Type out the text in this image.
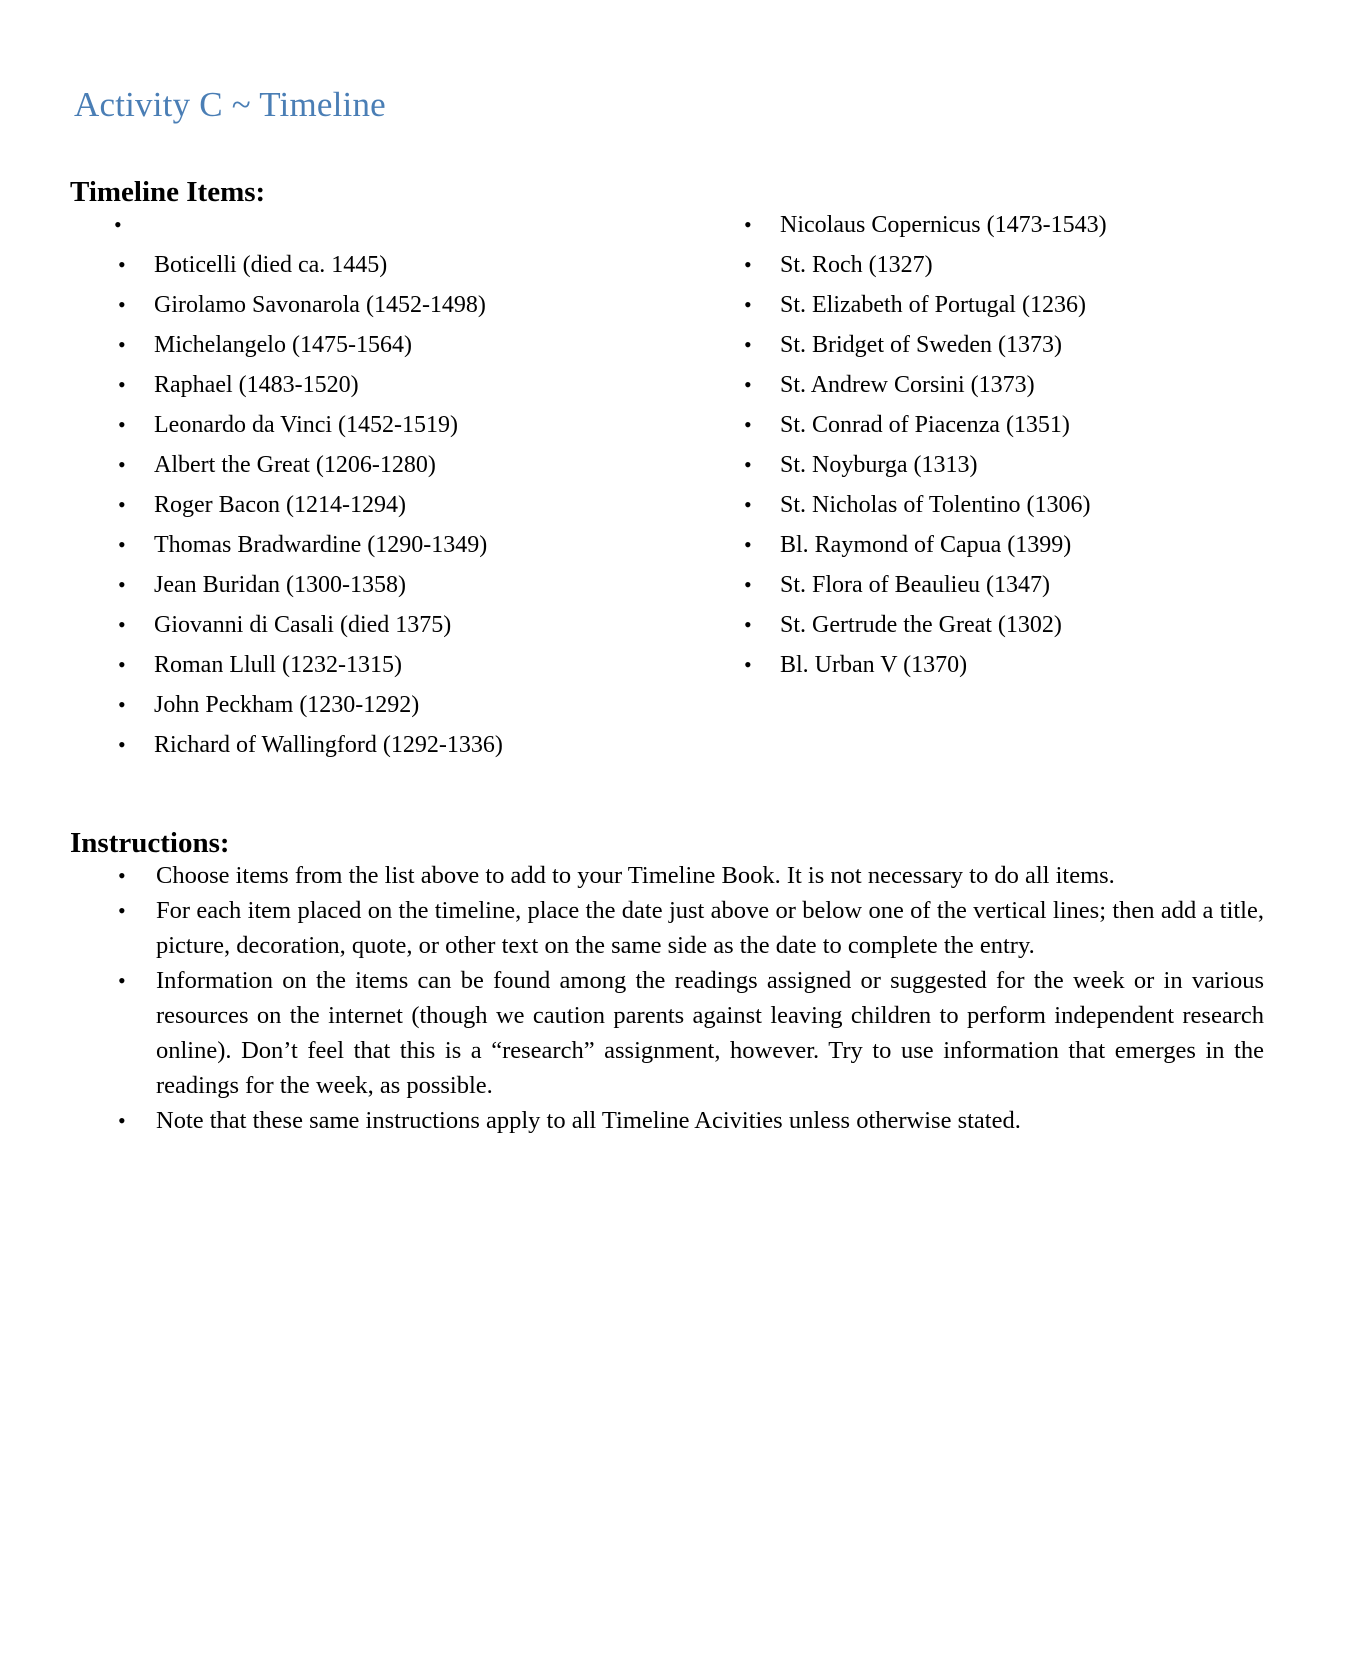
Activity C ~ Timeline
Timeline Items:
•
• Boticelli (died ca. 1445)
• Girolamo Savonarola (1452-1498)
• Michelangelo (1475-1564)
• Raphael (1483-1520)
• Leonardo da Vinci (1452-1519)
• Albert the Great (1206-1280)
• Roger Bacon (1214-1294)
• Thomas Bradwardine (1290-1349)
• Jean Buridan (1300-1358)
• Giovanni di Casali (died 1375)
• Roman Llull (1232-1315)
• John Peckham (1230-1292)
• Richard of Wallingford (1292-1336)
• Nicolaus Copernicus (1473-1543)
• St. Roch (1327)
• St. Elizabeth of Portugal (1236)
• St. Bridget of Sweden (1373)
• St. Andrew Corsini (1373)
• St. Conrad of Piacenza (1351)
• St. Noyburga (1313)
• St. Nicholas of Tolentino (1306)
• Bl. Raymond of Capua (1399)
• St. Flora of Beaulieu (1347)
• St. Gertrude the Great (1302)
• Bl. Urban V (1370)
Instructions:
• Choose items from the list above to add to your Timeline Book. It is not necessary to do all items.
• For each item placed on the timeline, place the date just above or below one of the vertical lines; then add a title, picture, decoration, quote, or other text on the same side as the date to complete the entry.
• Information on the items can be found among the readings assigned or suggested for the week or in various resources on the internet (though we caution parents against leaving children to perform independent research online). Don’t feel that this is a “research” assignment, however. Try to use information that emerges in the readings for the week, as possible.
• Note that these same instructions apply to all Timeline Acivities unless otherwise stated.
